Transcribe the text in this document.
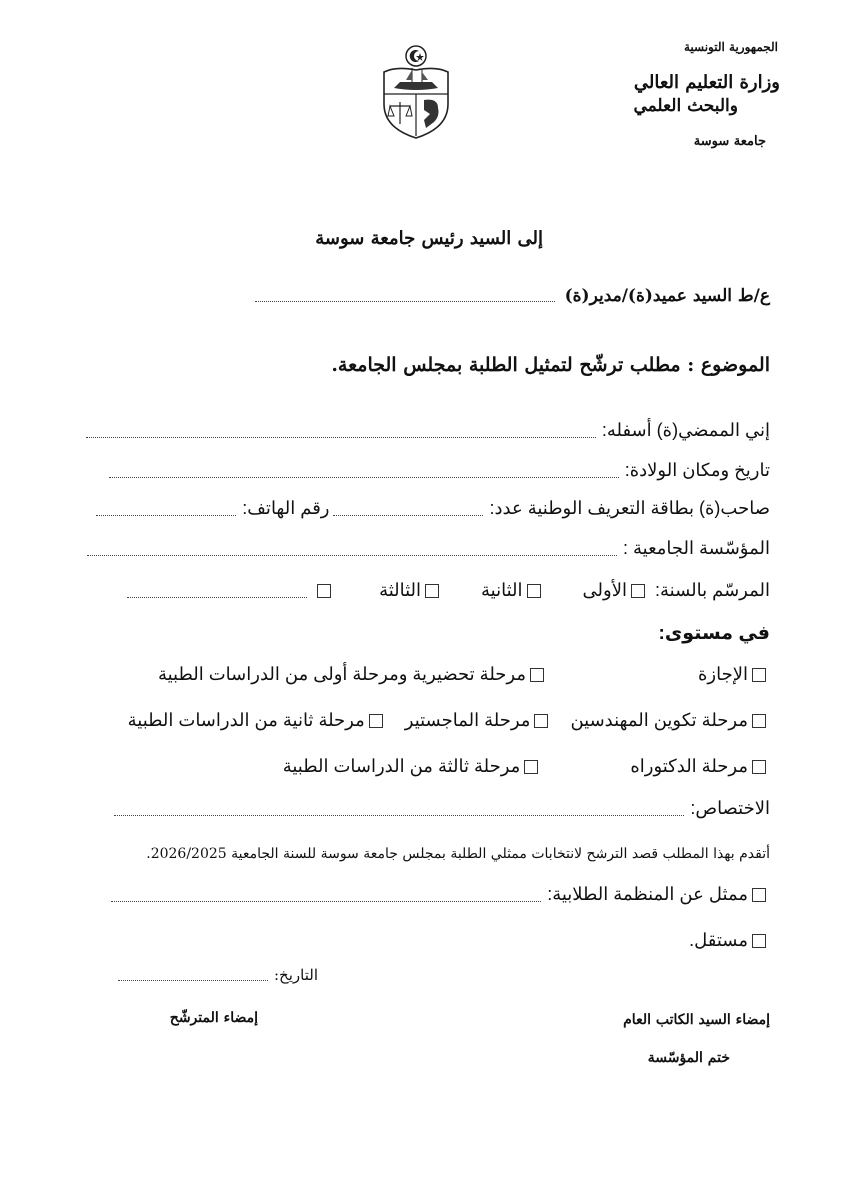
الجمهورية التونسية
وزارة التعليم العالي
والبحث العلمي
جامعة سوسة
إلى السيد رئيس جامعة سوسة
ع/ط السيد عميد(ة)/مدير(ة)
الموضوع : مطلب ترشّح لتمثيل الطلبة بمجلس الجامعة.
إني الممضي(ة) أسفله:
تاريخ ومكان الولادة:
صاحب(ة) بطاقة التعريف الوطنية عدد:
رقم الهاتف:
المؤسّسة الجامعية :
المرسّم بالسنة:
الأولى
الثانية
الثالثة
في مستوى:
الإجازة
مرحلة تحضيرية ومرحلة أولى من الدراسات الطبية
مرحلة تكوين المهندسين
مرحلة الماجستير
مرحلة ثانية من الدراسات الطبية
مرحلة الدكتوراه
مرحلة ثالثة من الدراسات الطبية
الاختصاص:
أتقدم بهذا المطلب قصد الترشح لانتخابات ممثلي الطلبة بمجلس جامعة سوسة للسنة الجامعية 2026/2025.
ممثل عن المنظمة الطلابية:
مستقل.
التاريخ:
إمضاء السيد الكاتب العام
إمضاء المترشّح
ختم المؤسّسة
